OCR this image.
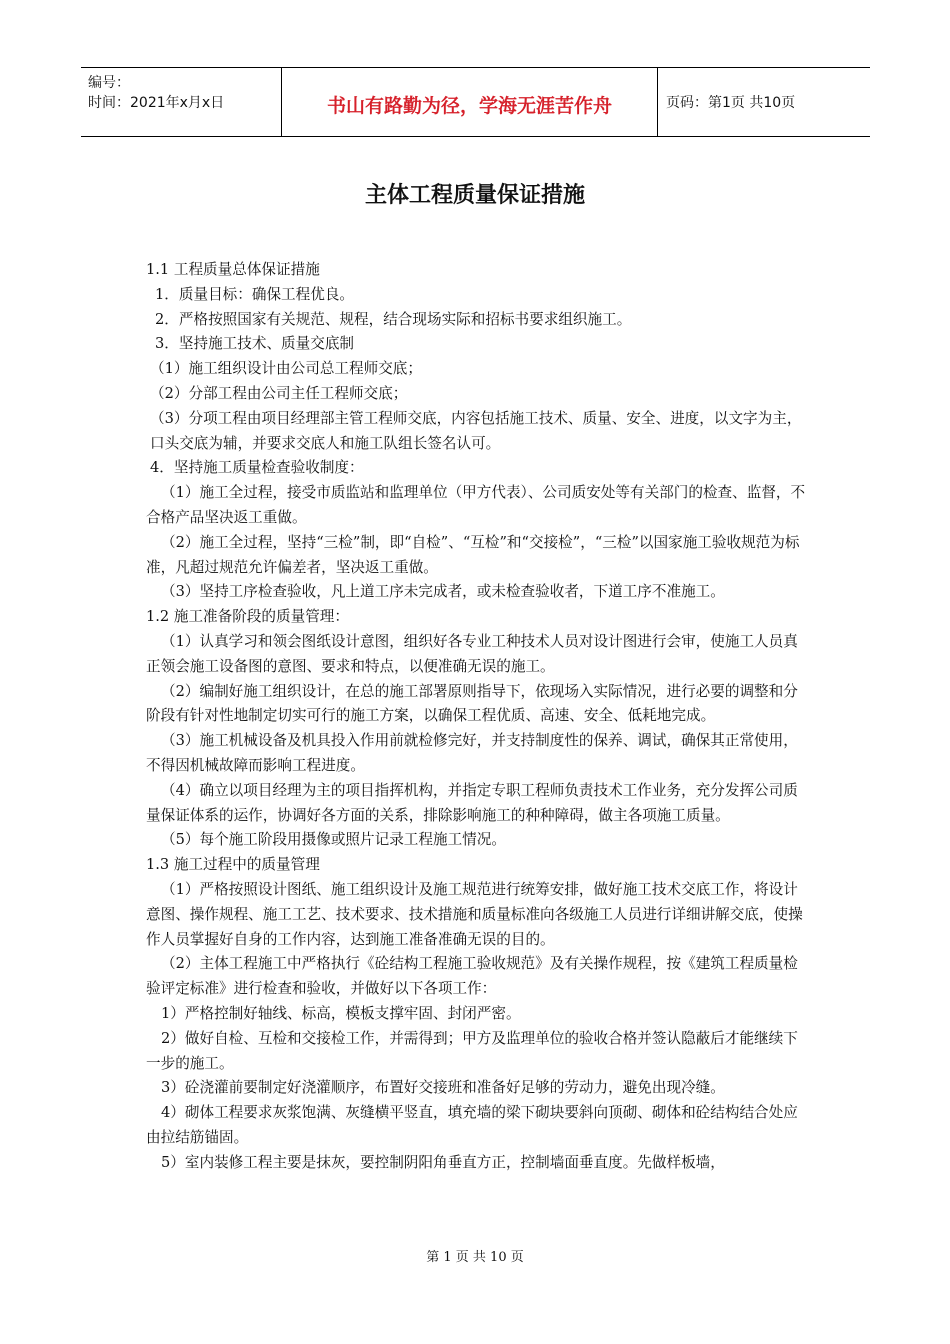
编号：
时间：2021年x月x日	书山有路勤为径，学海无涯苦作舟	页码：第1页 共10页
主体工程质量保证措施

1.1 工程质量总体保证措施

1．质量目标：确保工程优良。

2．严格按照国家有关规范、规程，结合现场实际和招标书要求组织施工。

3．坚持施工技术、质量交底制

（1）施工组织设计由公司总工程师交底；

（2）分部工程由公司主任工程师交底；

（3）分项工程由项目经理部主管工程师交底，内容包括施工技术、质量、安全、进度，以文字为主，口头交底为辅，并要求交底人和施工队组长签名认可。

4．坚持施工质量检查验收制度：

（1）施工全过程，接受市质监站和监理单位（甲方代表）、公司质安处等有关部门的检查、监督，不合格产品坚决返工重做。

（2）施工全过程，坚持“三检”制，即“自检”、“互检”和“交接检”，“三检”以国家施工验收规范为标准，凡超过规范允许偏差者，坚决返工重做。

（3）坚持工序检查验收，凡上道工序未完成者，或未检查验收者，下道工序不准施工。

1.2 施工准备阶段的质量管理：

（1）认真学习和领会图纸设计意图，组织好各专业工种技术人员对设计图进行会审，使施工人员真正领会施工设备图的意图、要求和特点，以便准确无误的施工。

（2）编制好施工组织设计，在总的施工部署原则指导下，依现场入实际情况，进行必要的调整和分阶段有针对性地制定切实可行的施工方案，以确保工程优质、高速、安全、低耗地完成。

（3）施工机械设备及机具投入作用前就检修完好，并支持制度性的保养、调试，确保其正常使用，不得因机械故障而影响工程进度。

（4）确立以项目经理为主的项目指挥机构，并指定专职工程师负责技术工作业务，充分发挥公司质量保证体系的运作，协调好各方面的关系，排除影响施工的种种障碍，做主各项施工质量。

（5）每个施工阶段用摄像或照片记录工程施工情况。

1.3 施工过程中的质量管理

（1）严格按照设计图纸、施工组织设计及施工规范进行统筹安排，做好施工技术交底工作，将设计意图、操作规程、施工工艺、技术要求、技术措施和质量标准向各级施工人员进行详细讲解交底，使操作人员掌握好自身的工作内容，达到施工准备准确无误的目的。

（2）主体工程施工中严格执行《砼结构工程施工验收规范》及有关操作规程，按《建筑工程质量检验评定标准》进行检查和验收，并做好以下各项工作：

1）严格控制好轴线、标高，模板支撑牢固、封闭严密。

2）做好自检、互检和交接检工作，并需得到；甲方及监理单位的验收合格并签认隐蔽后才能继续下一步的施工。

3）砼浇灌前要制定好浇灌顺序，布置好交接班和准备好足够的劳动力，避免出现冷缝。

4）砌体工程要求灰浆饱满、灰缝横平竖直，填充墙的梁下砌块要斜向顶砌、砌体和砼结构结合处应由拉结筋锚固。

5）室内装修工程主要是抹灰，要控制阴阳角垂直方正，控制墙面垂直度。先做样板墙，

第 1 页 共 10 页
